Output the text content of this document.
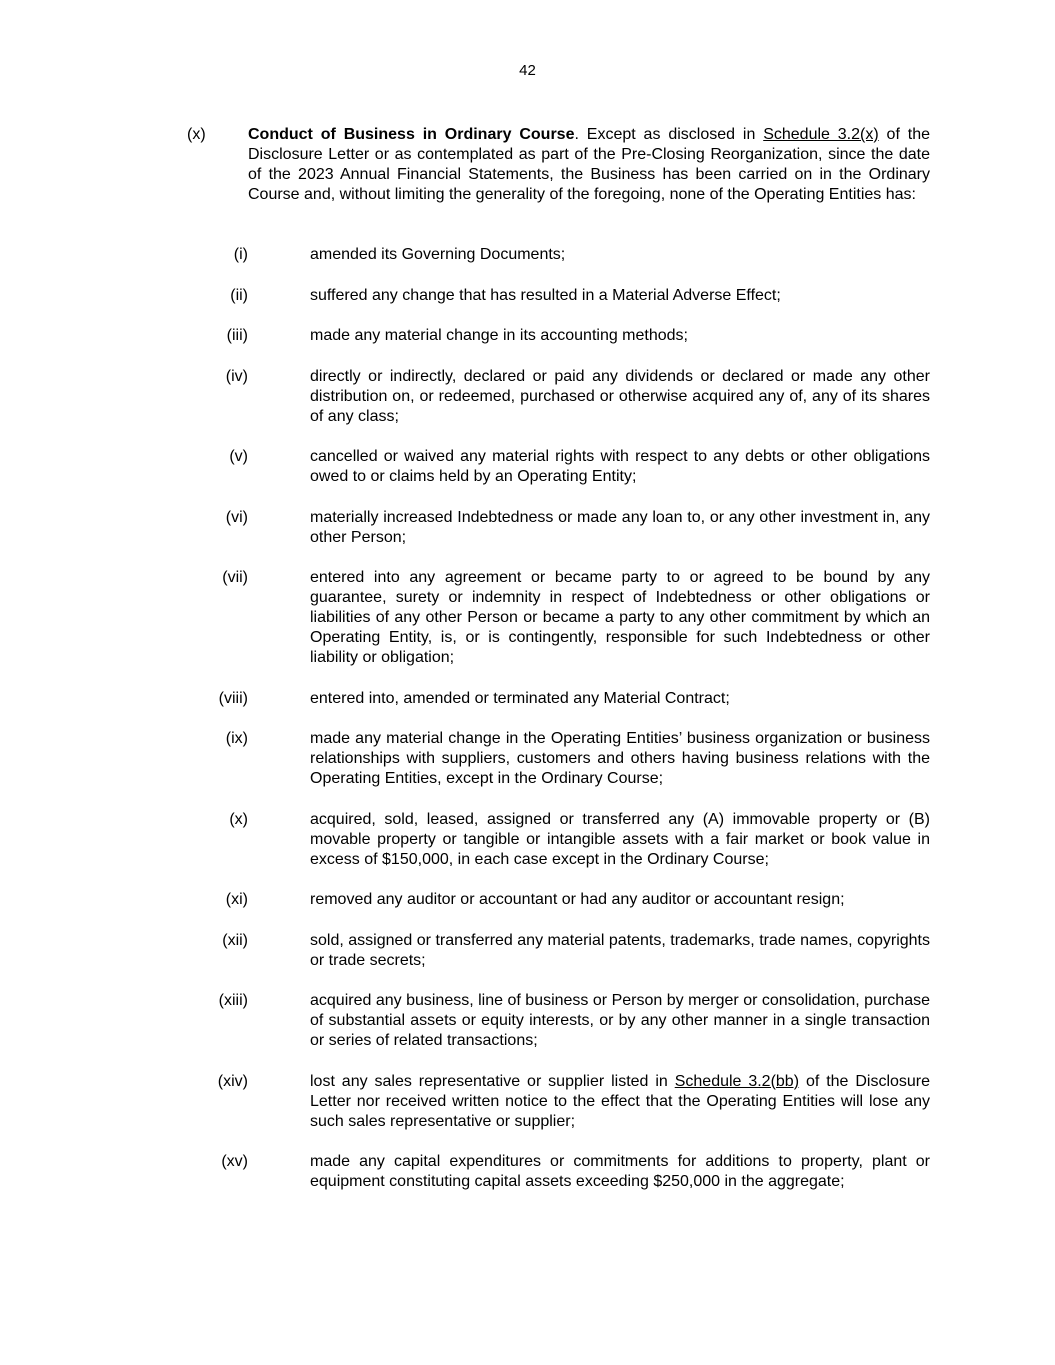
42
(x)	Conduct of Business in Ordinary Course. Except as disclosed in Schedule 3.2(x) of the Disclosure Letter or as contemplated as part of the Pre-Closing Reorganization, since the date of the 2023 Annual Financial Statements, the Business has been carried on in the Ordinary Course and, without limiting the generality of the foregoing, none of the Operating Entities has:
(i)	amended its Governing Documents;
(ii)	suffered any change that has resulted in a Material Adverse Effect;
(iii)	made any material change in its accounting methods;
(iv)	directly or indirectly, declared or paid any dividends or declared or made any other distribution on, or redeemed, purchased or otherwise acquired any of, any of its shares of any class;
(v)	cancelled or waived any material rights with respect to any debts or other obligations owed to or claims held by an Operating Entity;
(vi)	materially increased Indebtedness or made any loan to, or any other investment in, any other Person;
(vii)	entered into any agreement or became party to or agreed to be bound by any guarantee, surety or indemnity in respect of Indebtedness or other obligations or liabilities of any other Person or became a party to any other commitment by which an Operating Entity, is, or is contingently, responsible for such Indebtedness or other liability or obligation;
(viii)	entered into, amended or terminated any Material Contract;
(ix)	made any material change in the Operating Entities’ business organization or business relationships with suppliers, customers and others having business relations with the Operating Entities, except in the Ordinary Course;
(x)	acquired, sold, leased, assigned or transferred any (A) immovable property or (B) movable property or tangible or intangible assets with a fair market or book value in excess of $150,000, in each case except in the Ordinary Course;
(xi)	removed any auditor or accountant or had any auditor or accountant resign;
(xii)	sold, assigned or transferred any material patents, trademarks, trade names, copyrights or trade secrets;
(xiii)	acquired any business, line of business or Person by merger or consolidation, purchase of substantial assets or equity interests, or by any other manner in a single transaction or series of related transactions;
(xiv)	lost any sales representative or supplier listed in Schedule 3.2(bb) of the Disclosure Letter nor received written notice to the effect that the Operating Entities will lose any such sales representative or supplier;
(xv)	made any capital expenditures or commitments for additions to property, plant or equipment constituting capital assets exceeding $250,000 in the aggregate;
